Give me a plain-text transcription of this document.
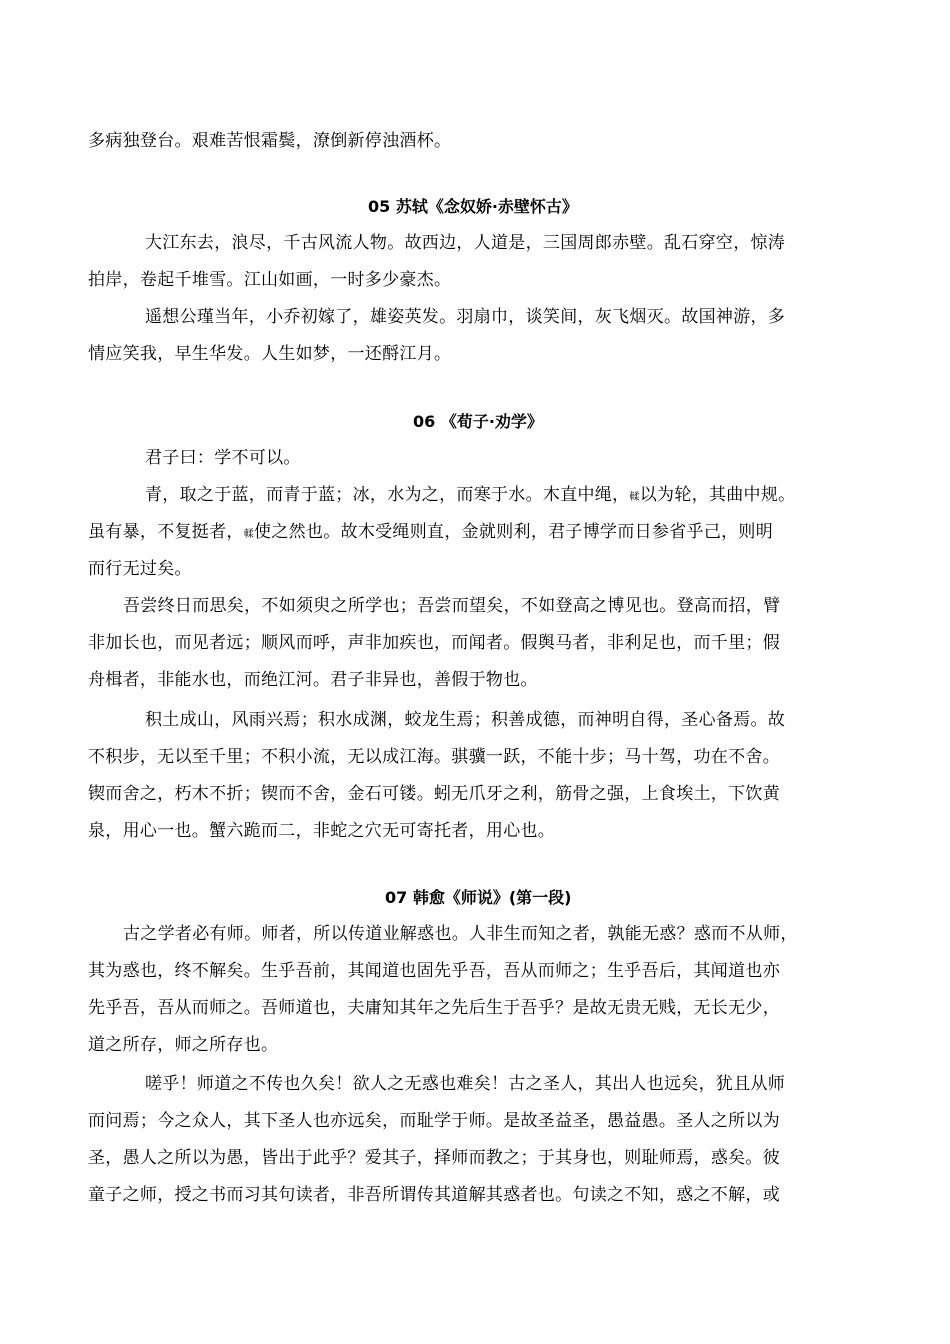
多病独登台。艰难苦恨霜鬓，潦倒新停浊酒杯。
05 苏轼《念奴娇·赤壁怀古》
大江东去，浪尽，千古风流人物。故西边，人道是，三国周郎赤壁。乱石穿空，惊涛
拍岸，卷起千堆雪。江山如画，一时多少豪杰。
遥想公瑾当年，小乔初嫁了，雄姿英发。羽扇巾，谈笑间，灰飞烟灭。故国神游，多
情应笑我，早生华发。人生如梦，一还酹江月。
06 《荀子·劝学》
君子曰：学不可以。
青，取之于蓝，而青于蓝；冰，水为之，而寒于水。木直中绳，輮以为轮，其曲中规。
虽有暴，不复挺者，輮使之然也。故木受绳则直，金就则利，君子博学而日参省乎己，则明
而行无过矣。
吾尝终日而思矣，不如须臾之所学也；吾尝而望矣，不如登高之博见也。登高而招，臂
非加长也，而见者远；顺风而呼，声非加疾也，而闻者。假舆马者，非利足也，而千里；假
舟楫者，非能水也，而绝江河。君子非异也，善假于物也。
积土成山，风雨兴焉；积水成渊，蛟龙生焉；积善成德，而神明自得，圣心备焉。故
不积步，无以至千里；不积小流，无以成江海。骐骥一跃，不能十步；马十驾，功在不舍。
锲而舍之，朽木不折；锲而不舍，金石可镂。蚓无爪牙之利，筋骨之强，上食埃土，下饮黄
泉，用心一也。蟹六跪而二，非蛇之穴无可寄托者，用心也。
07 韩愈《师说》(第一段)
古之学者必有师。师者，所以传道业解惑也。人非生而知之者，孰能无惑？惑而不从师，
其为惑也，终不解矣。生乎吾前，其闻道也固先乎吾，吾从而师之；生乎吾后，其闻道也亦
先乎吾，吾从而师之。吾师道也，夫庸知其年之先后生于吾乎？是故无贵无贱，无长无少，
道之所存，师之所存也。
嗟乎！师道之不传也久矣！欲人之无惑也难矣！古之圣人，其出人也远矣，犹且从师
而问焉；今之众人，其下圣人也亦远矣，而耻学于师。是故圣益圣，愚益愚。圣人之所以为
圣，愚人之所以为愚，皆出于此乎？爱其子，择师而教之；于其身也，则耻师焉，惑矣。彼
童子之师，授之书而习其句读者，非吾所谓传其道解其惑者也。句读之不知，惑之不解，或
